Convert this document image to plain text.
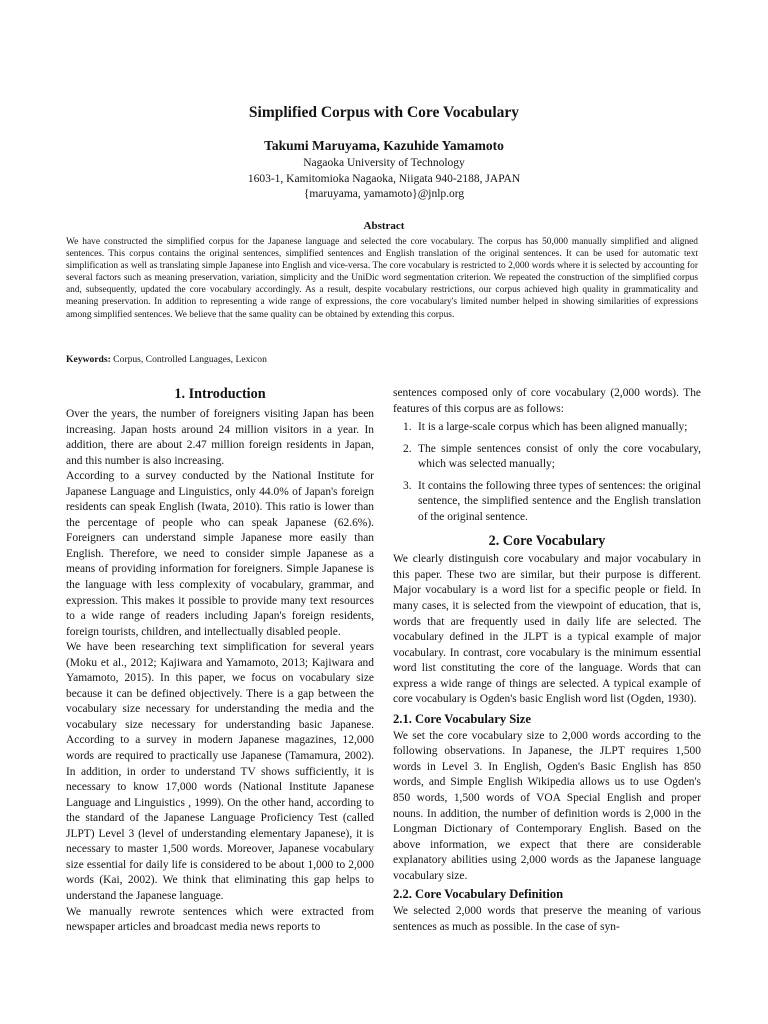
Simplified Corpus with Core Vocabulary
Takumi Maruyama, Kazuhide Yamamoto
Nagaoka University of Technology
1603-1, Kamitomioka Nagaoka, Niigata 940-2188, JAPAN
{maruyama, yamamoto}@jnlp.org
Abstract

We have constructed the simplified corpus for the Japanese language and selected the core vocabulary. The corpus has 50,000 manually simplified and aligned sentences. This corpus contains the original sentences, simplified sentences and English translation of the original sentences. It can be used for automatic text simplification as well as translating simple Japanese into English and vice-versa. The core vocabulary is restricted to 2,000 words where it is selected by accounting for several factors such as meaning preservation, variation, simplicity and the UniDic word segmentation criterion. We repeated the construction of the simplified corpus and, subsequently, updated the core vocabulary accordingly. As a result, despite vocabulary restrictions, our corpus achieved high quality in grammaticality and meaning preservation. In addition to representing a wide range of expressions, the core vocabulary's limited number helped in showing similarities of expressions among simplified sentences. We believe that the same quality can be obtained by extending this corpus.

Keywords: Corpus, Controlled Languages, Lexicon
1. Introduction

Over the years, the number of foreigners visiting Japan has been increasing. Japan hosts around 24 million visitors in a year. In addition, there are about 2.47 million foreign residents in Japan, and this number is also increasing.

According to a survey conducted by the National Institute for Japanese Language and Linguistics, only 44.0% of Japan's foreign residents can speak English (Iwata, 2010). This ratio is lower than the percentage of people who can speak Japanese (62.6%). Foreigners can understand simple Japanese more easily than English. Therefore, we need to consider simple Japanese as a means of providing information for foreigners. Simple Japanese is the language with less complexity of vocabulary, grammar, and expression. This makes it possible to provide many text resources to a wide range of readers including Japan's foreign residents, foreign tourists, children, and intellectually disabled people.

We have been researching text simplification for several years (Moku et al., 2012; Kajiwara and Yamamoto, 2013; Kajiwara and Yamamoto, 2015). In this paper, we focus on vocabulary size because it can be defined objectively. There is a gap between the vocabulary size necessary for understanding the media and the vocabulary size necessary for understanding basic Japanese. According to a survey in modern Japanese magazines, 12,000 words are required to practically use Japanese (Tamamura, 2002). In addition, in order to understand TV shows sufficiently, it is necessary to know 17,000 words (National Institute Japanese Language and Linguistics , 1999). On the other hand, according to the standard of the Japanese Language Proficiency Test (called JLPT) Level 3 (level of understanding elementary Japanese), it is necessary to master 1,500 words. Moreover, Japanese vocabulary size essential for daily life is considered to be about 1,000 to 2,000 words (Kai, 2002). We think that eliminating this gap helps to understand the Japanese language.

We manually rewrote sentences which were extracted from newspaper articles and broadcast media news reports to

sentences composed only of core vocabulary (2,000 words). The features of this corpus are as follows:

1. It is a large-scale corpus which has been aligned manually;
2. The simple sentences consist of only the core vocabulary, which was selected manually;
3. It contains the following three types of sentences: the original sentence, the simplified sentence and the English translation of the original sentence.
2. Core Vocabulary

We clearly distinguish core vocabulary and major vocabulary in this paper. These two are similar, but their purpose is different. Major vocabulary is a word list for a specific people or field. In many cases, it is selected from the viewpoint of education, that is, words that are frequently used in daily life are selected. The vocabulary defined in the JLPT is a typical example of major vocabulary. In contrast, core vocabulary is the minimum essential word list constituting the core of the language. Words that can express a wide range of things are selected. A typical example of core vocabulary is Ogden's basic English word list (Ogden, 1930).

2.1. Core Vocabulary Size

We set the core vocabulary size to 2,000 words according to the following observations. In Japanese, the JLPT requires 1,500 words in Level 3. In English, Ogden's Basic English has 850 words, and Simple English Wikipedia allows us to use Ogden's 850 words, 1,500 words of VOA Special English and proper nouns. In addition, the number of definition words is 2,000 in the Longman Dictionary of Contemporary English. Based on the above information, we expect that there are considerable explanatory abilities using 2,000 words as the Japanese language vocabulary size.

2.2. Core Vocabulary Definition

We selected 2,000 words that preserve the meaning of various sentences as much as possible. In the case of syn-
